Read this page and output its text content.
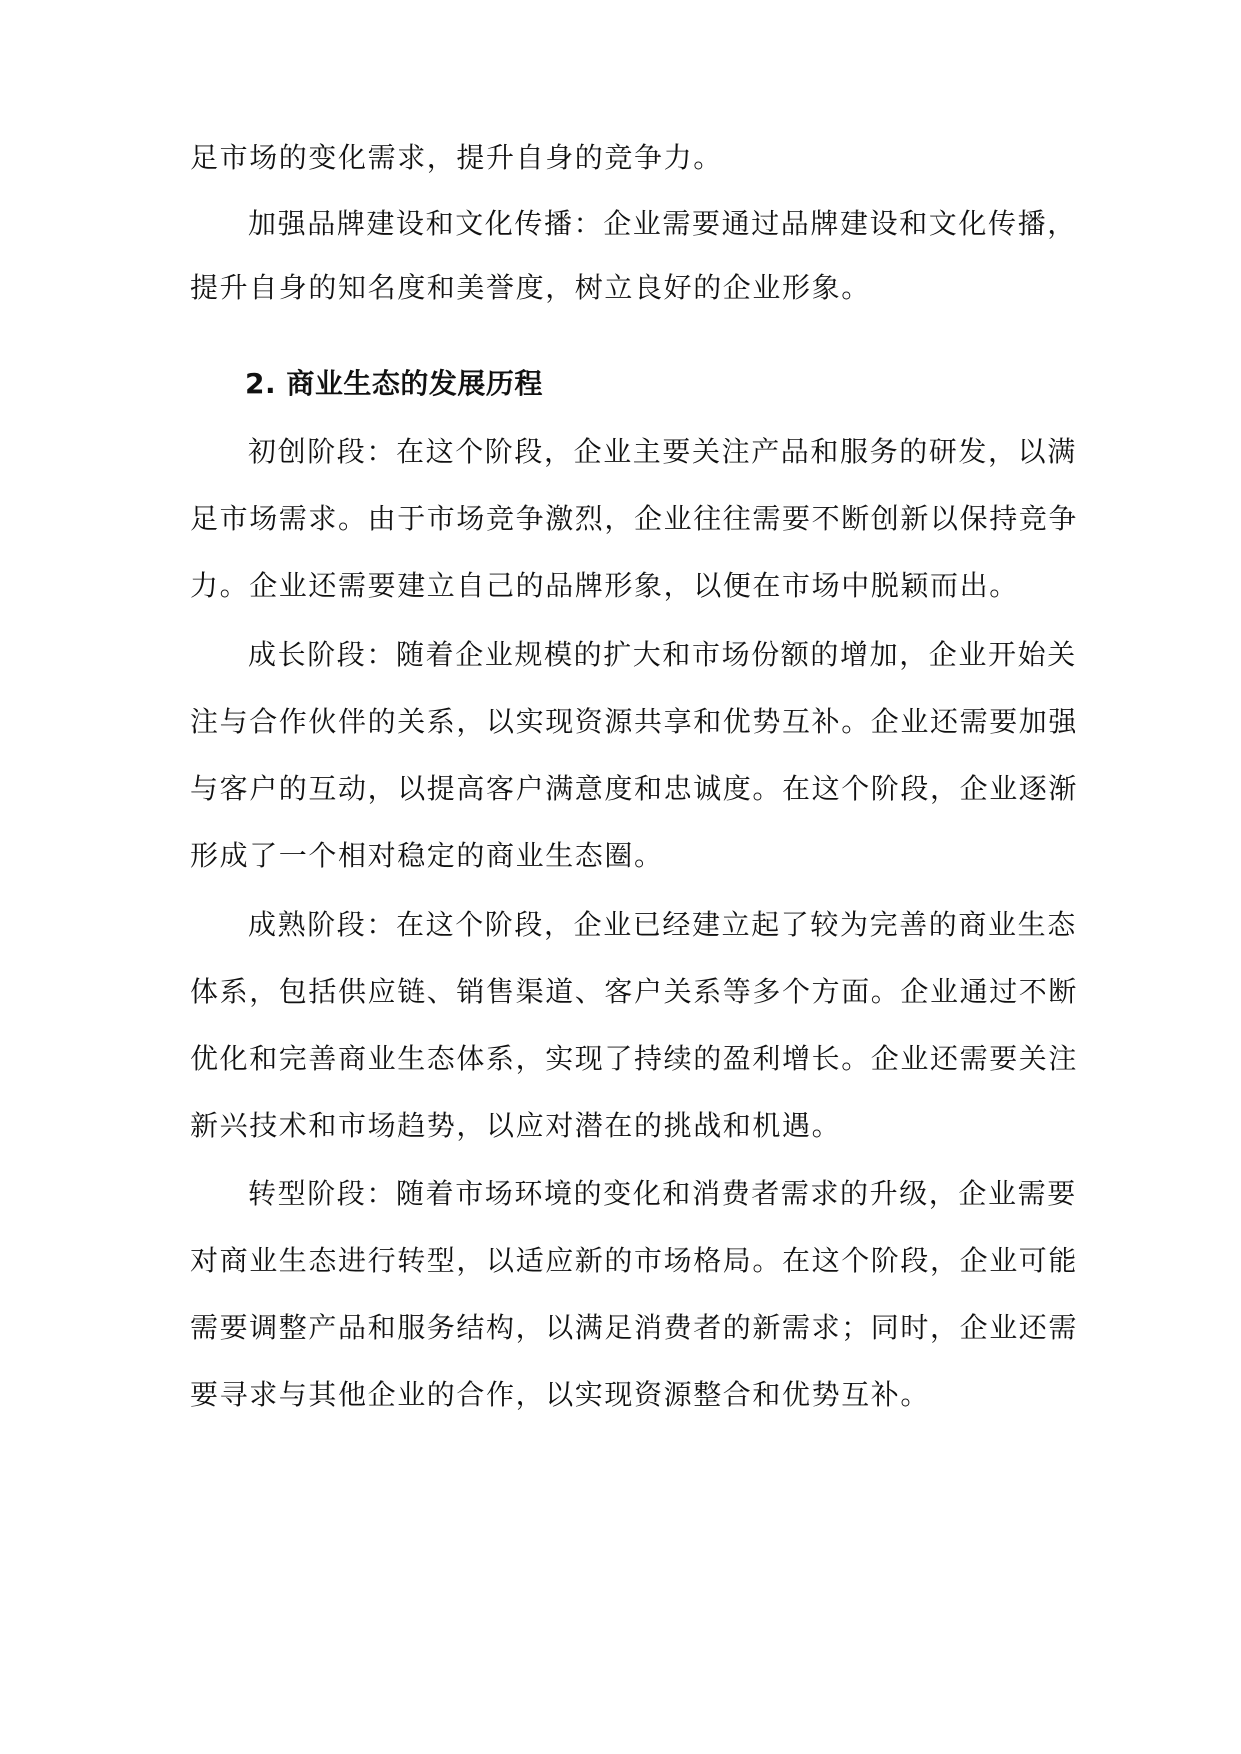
足市场的变化需求，提升自身的竞争力。
加强品牌建设和文化传播：企业需要通过品牌建设和文化传播，
提升自身的知名度和美誉度，树立良好的企业形象。
2. 商业生态的发展历程
初创阶段：在这个阶段，企业主要关注产品和服务的研发，以满
足市场需求。由于市场竞争激烈，企业往往需要不断创新以保持竞争
力。企业还需要建立自己的品牌形象，以便在市场中脱颖而出。
成长阶段：随着企业规模的扩大和市场份额的增加，企业开始关
注与合作伙伴的关系，以实现资源共享和优势互补。企业还需要加强
与客户的互动，以提高客户满意度和忠诚度。在这个阶段，企业逐渐
形成了一个相对稳定的商业生态圈。
成熟阶段：在这个阶段，企业已经建立起了较为完善的商业生态
体系，包括供应链、销售渠道、客户关系等多个方面。企业通过不断
优化和完善商业生态体系，实现了持续的盈利增长。企业还需要关注
新兴技术和市场趋势，以应对潜在的挑战和机遇。
转型阶段：随着市场环境的变化和消费者需求的升级，企业需要
对商业生态进行转型，以适应新的市场格局。在这个阶段，企业可能
需要调整产品和服务结构，以满足消费者的新需求；同时，企业还需
要寻求与其他企业的合作，以实现资源整合和优势互补。
